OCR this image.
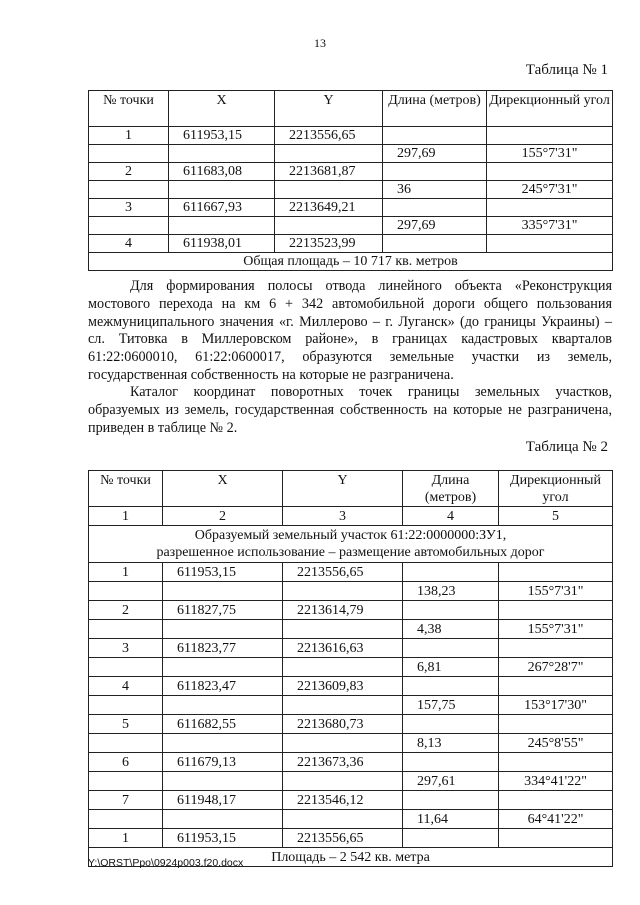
13
Таблица № 1
№ точки	X	Y	Длина (метров)	Дирекционный угол
1	611953,15	2213556,65		
			297,69	155°7'31"
2	611683,08	2213681,87		
			36	245°7'31"
3	611667,93	2213649,21		
			297,69	335°7'31"
4	611938,01	2213523,99		
Общая площадь – 10 717 кв. метров				

Для формирования полосы отвода линейного объекта «Реконструкция мостового перехода на км 6 + 342 автомобильной дороги общего пользования межмуниципального значения «г. Миллерово – г. Луганск» (до границы Украины) – сл. Титовка в Миллеровском районе», в границах кадастровых кварталов 61:22:0600010, 61:22:0600017, образуются земельные участки из земель, государственная собственность на которые не разграничена.

Каталог координат поворотных точек границы земельных участков, образуемых из земель, государственная собственность на которые не разграничена, приведен в таблице № 2.

Таблица № 2
№ точки	X	Y	Длина (метров)	Дирекционный угол
1	2	3	4	5

Образуемый земельный участок 61:22:0000000:ЗУ1,
разрешенное использование – размещение автомобильных дорог				

1	611953,15	2213556,65		
			138,23	155°7'31"
2	611827,75	2213614,79		
			4,38	155°7'31"
3	611823,77	2213616,63		
			6,81	267°28'7"
4	611823,47	2213609,83		
			157,75	153°17'30"
5	611682,55	2213680,73		
			8,13	245°8'55"
6	611679,13	2213673,36		
			297,61	334°41'22"
7	611948,17	2213546,12		
			11,64	64°41'22"
1	611953,15	2213556,65		
Площадь – 2 542 кв. метра				
Y:\ORST\Ppo\0924p003.f20.docx
